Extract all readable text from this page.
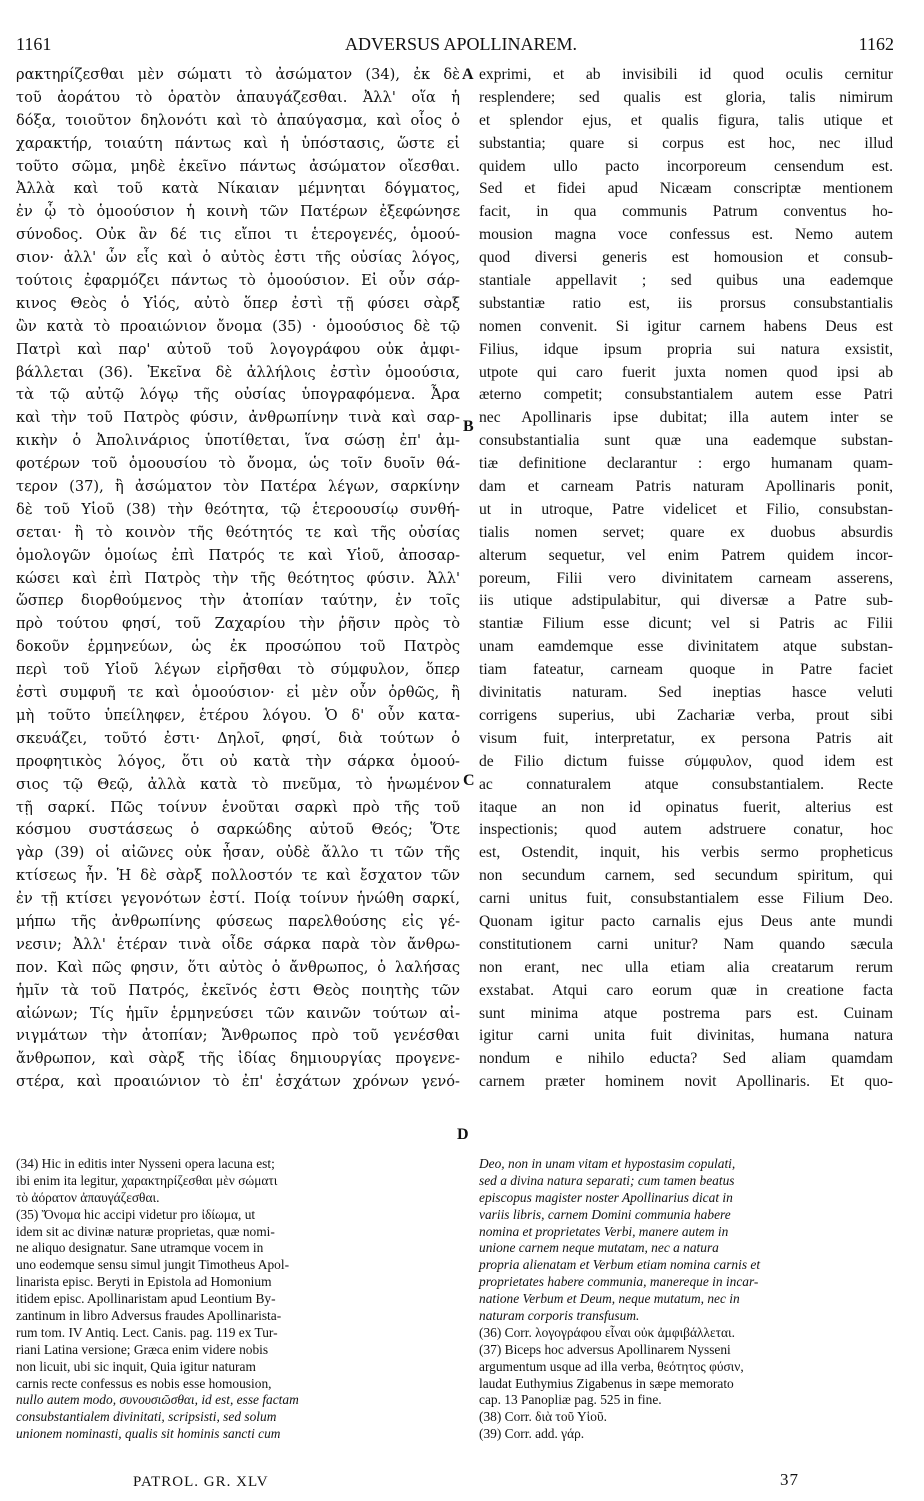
1161	ADVERSUS APOLLINAREM.	1162
ρακτηρίζεσθαι μὲν σώματι τὸ ἀσώματον (34), ἐκ δὲ
τοῦ ἀοράτου τὸ ὁρατὸν ἀπαυγάζεσθαι. Ἀλλ' οἵα ἡ
δόξα, τοιοῦτον δηλονότι καὶ τὸ ἀπαύγασμα, καὶ οἷος ὁ
χαρακτήρ, τοιαύτη πάντως καὶ ἡ ὑπόστασις, ὥστε εἰ
τοῦτο σῶμα, μηδὲ ἐκεῖνο πάντως ἀσώματον οἴεσθαι.
Ἀλλὰ καὶ τοῦ κατὰ Νίκαιαν μέμνηται δόγματος,
ἐν ᾧ τὸ ὁμοούσιον ἡ κοινὴ τῶν Πατέρων ἐξεφώνησε
σύνοδος. Οὐκ ἂν δέ τις εἴποι τι ἑτερογενές, ὁμοού-
σιον· ἀλλ' ὧν εἷς καὶ ὁ αὐτὸς ἐστι τῆς οὐσίας λόγος,
τούτοις ἐφαρμόζει πάντως τὸ ὁμοούσιον. Εἰ οὖν σάρ-
κινος Θεὸς ὁ Υἱός, αὐτὸ ὅπερ ἐστὶ τῇ φύσει σὰρξ
ὢν κατὰ τὸ προαιώνιον ὄνομα (35) · ὁμοούσιος δὲ τῷ
Πατρὶ καὶ παρ' αὐτοῦ τοῦ λογογράφου οὐκ ἀμφι-
βάλλεται (36). Ἐκεῖνα δὲ ἀλλήλοις ἐστὶν ὁμοούσια,
τὰ τῷ αὐτῷ λόγῳ τῆς οὐσίας ὑπογραφόμενα. Ἆρα
καὶ τὴν τοῦ Πατρὸς φύσιν, ἀνθρωπίνην τινὰ καὶ σαρ-
κικὴν ὁ Ἀπολινάριος ὑποτίθεται, ἵνα σώσῃ ἐπ' ἀμ-
φοτέρων τοῦ ὁμοουσίου τὸ ὄνομα, ὡς τοῖν δυοῖν θά-
τερον (37), ἢ ἀσώματον τὸν Πατέρα λέγων, σαρκίνην
δὲ τοῦ Υἱοῦ (38) τὴν θεότητα, τῷ ἑτεροουσίῳ συνθή-
σεται· ἢ τὸ κοινὸν τῆς θεότητός τε καὶ τῆς οὐσίας
ὁμολογῶν ὁμοίως ἐπὶ Πατρός τε καὶ Υἱοῦ, ἀποσαρ-
κώσει καὶ ἐπὶ Πατρὸς τὴν τῆς θεότητος φύσιν. Ἀλλ'
ὥσπερ διορθούμενος τὴν ἀτοπίαν ταύτην, ἐν τοῖς
πρὸ τούτου φησί, τοῦ Ζαχαρίου τὴν ῥῆσιν πρὸς τὸ
δοκοῦν ἑρμηνεύων, ὡς ἐκ προσώπου τοῦ Πατρὸς
περὶ τοῦ Υἱοῦ λέγων εἰρῆσθαι τὸ σύμφυλον, ὅπερ
ἐστὶ συμφυῆ τε καὶ ὁμοούσιον· εἰ μὲν οὖν ὀρθῶς, ἢ
μὴ τοῦτο ὑπείληφεν, ἑτέρου λόγου. Ὁ δ' οὖν κατα-
σκευάζει, τοῦτό ἐστι· Δηλοῖ, φησί, διὰ τούτων ὁ
προφητικὸς λόγος, ὅτι οὐ κατὰ τὴν σάρκα ὁμοού-
σιος τῷ Θεῷ, ἀλλὰ κατὰ τὸ πνεῦμα, τὸ ἡνωμένον
τῇ σαρκί. Πῶς τοίνυν ἑνοῦται σαρκὶ πρὸ τῆς τοῦ
κόσμου συστάσεως ὁ σαρκώδης αὐτοῦ Θεός; Ὅτε
γὰρ (39) οἱ αἰῶνες οὐκ ἦσαν, οὐδὲ ἄλλο τι τῶν τῆς
κτίσεως ἦν. Ἡ δὲ σὰρξ πολλοστόν τε καὶ ἔσχατον τῶν
ἐν τῇ κτίσει γεγονότων ἐστί. Ποίᾳ τοίνυν ἡνώθη σαρκί,
μήπω τῆς ἀνθρωπίνης φύσεως παρελθούσης εἰς γέ-
νεσιν; Ἀλλ' ἑτέραν τινὰ οἶδε σάρκα παρὰ τὸν ἄνθρω-
πον. Καὶ πῶς φησιν, ὅτι αὐτὸς ὁ ἄνθρωπος, ὁ λαλήσας
ἡμῖν τὰ τοῦ Πατρός, ἐκεῖνός ἐστι Θεὸς ποιητὴς τῶν
αἰώνων; Τίς ἡμῖν ἑρμηνεύσει τῶν καινῶν τούτων αἰ-
νιγμάτων τὴν ἀτοπίαν; Ἄνθρωπος πρὸ τοῦ γενέσθαι
ἄνθρωπον, καὶ σὰρξ τῆς ἰδίας δημιουργίας προγενε-
στέρα, καὶ προαιώνιον τὸ ἐπ' ἐσχάτων χρόνων γενό-
exprimi, et ab invisibili id quod oculis cernitur
resplendere; sed qualis est gloria, talis nimirum
et splendor ejus, et qualis figura, talis utique et
substantia; quare si corpus est hoc, nec illud
quidem ullo pacto incorporeum censendum est.
Sed et fidei apud Nicæam conscriptæ mentionem
facit, in qua communis Patrum conventus ho-
mousion magna voce confessus est. Nemo autem
quod diversi generis est homousion et consub-
stantiale appellavit ; sed quibus una eademque
substantiæ ratio est, iis prorsus consubstantialis
nomen convenit. Si igitur carnem habens Deus est
Filius, idque ipsum propria sui natura exsistit,
utpote qui caro fuerit juxta nomen quod ipsi ab
æterno competit; consubstantialem autem esse Patri
nec Apollinaris ipse dubitat; illa autem inter se
consubstantialia sunt quæ una eademque substan-
tiæ definitione declarantur : ergo humanam quam-
dam et carneam Patris naturam Apollinaris ponit,
ut in utroque, Patre videlicet et Filio, consubstan-
tialis nomen servet; quare ex duobus absurdis
alterum sequetur, vel enim Patrem quidem incor-
poreum, Filii vero divinitatem carneam asserens,
iis utique adstipulabitur, qui diversæ a Patre sub-
stantiæ Filium esse dicunt; vel si Patris ac Filii
unam eamdemque esse divinitatem atque substan-
tiam fateatur, carneam quoque in Patre faciet
divinitatis naturam. Sed ineptias hasce veluti
corrigens superius, ubi Zachariæ verba, prout sibi
visum fuit, interpretatur, ex persona Patris ait
de Filio dictum fuisse σύμφυλον, quod idem est
ac connaturalem atque consubstantialem. Recte
itaque an non id opinatus fuerit, alterius est
inspectionis; quod autem adstruere conatur, hoc
est, Ostendit, inquit, his verbis sermo propheticus
non secundum carnem, sed secundum spiritum, qui
carni unitus fuit, consubstantialem esse Filium Deo.
Quonam igitur pacto carnalis ejus Deus ante mundi
constitutionem carni unitur? Nam quando sæcula
non erant, nec ulla etiam alia creatarum rerum
exstabat. Atqui caro eorum quæ in creatione facta
sunt minima atque postrema pars est. Cuinam
igitur carni unita fuit divinitas, humana natura
nondum e nihilo educta? Sed aliam quamdam
carnem præter hominem novit Apollinaris. Et quo-
A
B
C
D
(34) Hic in editis inter Nysseni opera lacuna est;
ibi enim ita legitur, χαρακτηρίζεσθαι μὲν σώματι
τὸ ἀόρατον ἀπαυγάζεσθαι.
(35) Ὄνομα hic accipi videtur pro ἰδίωμα, ut
idem sit ac divinæ naturæ proprietas, quæ nomi-
ne aliquo designatur. Sane utramque vocem in
uno eodemque sensu simul jungit Timotheus Apol-
linarista episc. Beryti in Epistola ad Homonium
itidem episc. Apollinaristam apud Leontium By-
zantinum in libro Adversus fraudes Apollinarista-
rum tom. IV Antiq. Lect. Canis. pag. 119 ex Tur-
riani Latina versione; Græca enim videre nobis
non licuit, ubi sic inquit, Quia igitur naturam
carnis recte confessus es nobis esse homousion,
nullo autem modo, συνουσιῶσθαι, id est, esse factam
consubstantialem divinitati, scripsisti, sed solum
unionem nominasti, qualis sit hominis sancti cum
Deo, non in unam vitam et hypostasim copulati,
sed a divina natura separati; cum tamen beatus
episcopus magister noster Apollinarius dicat in
variis libris, carnem Domini communia habere
nomina et proprietates Verbi, manere autem in
unione carnem neque mutatam, nec a natura
propria alienatam et Verbum etiam nomina carnis et
proprietates habere communia, manereque in incar-
natione Verbum et Deum, neque mutatum, nec in
naturam corporis transfusum.
(36) Corr. λογογράφου εἶναι οὐκ ἀμφιβάλλεται.
(37) Biceps hoc adversus Apollinarem Nysseni
argumentum usque ad illa verba, θεότητος φύσιν,
laudat Euthymius Zigabenus in sæpe memorato
cap. 13 Panopliæ pag. 525 in fine.
(38) Corr. διὰ τοῦ Υἱοῦ.
(39) Corr. add. γάρ.
PATROL. GR. XLV	37
